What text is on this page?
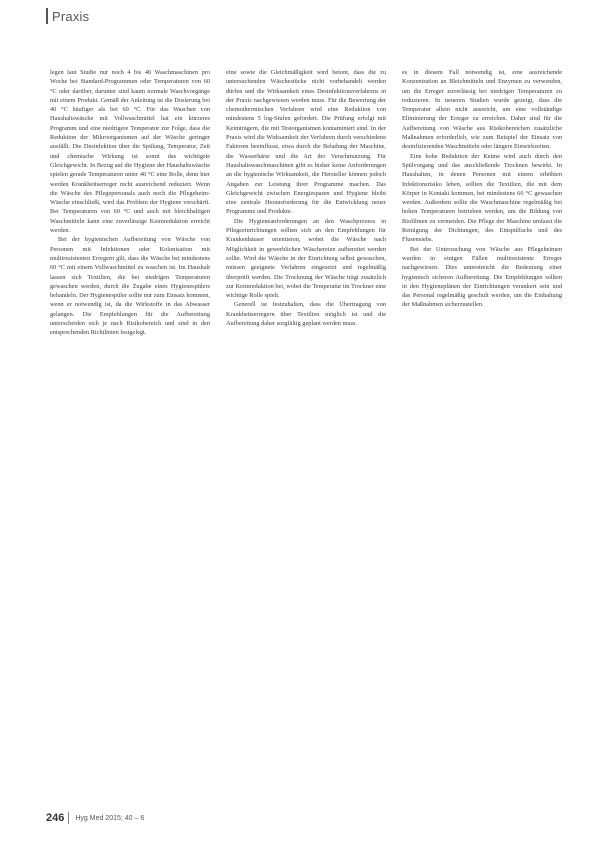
Praxis

legen laut Studie nur noch 4 bis 40 Waschmaschinen pro Woche bei Standard-Programmen oder Temperaturen von 60 °C oder darüber, darunter sind kaum normale Waschvorgänge mit einem Produkt. Gemäß der Anleitung ist die Dosierung bei 40 °C häufiger als bei 60 °C. Für das Waschen von Haushaltswäsche mit Vollwaschmittel hat ein kürzeres Programm und eine niedrigere Temperatur zur Folge, dass die Reduktion der Mikroorganismen auf der Wäsche geringer ausfällt. Die Desinfektion über die Spülung, Temperatur, Zeit und chemische Wirkung ist somit das wichtigste Gleichgewicht. In Bezug auf die Hygiene der Haushaltswäsche spielen gerade Temperaturen unter 40 °C eine Rolle, denn hier werden Krankheitserreger nicht ausreichend reduziert. Wenn die Wäsche des Pflegepersonals auch noch die Pflegeheim-Wäsche einschließt, wird das Problem der Hygiene verschärft. Bei Temperaturen von 60 °C und auch mit bleichhaltigen Waschmitteln kann eine zuverlässige Keimreduktion erreicht werden.

Bei der hygienischen Aufbereitung von Wäsche von Personen mit Infektionen oder Kolonisation mit multiresistenten Erregern gilt, dass die Wäsche bei mindestens 60 °C mit einem Vollwaschmittel zu waschen ist. Im Haushalt lassen sich Textilien, die bei niedrigen Temperaturen gewaschen werden, durch die Zugabe eines Hygienespülers behandeln. Der Hygienespüler sollte nur zum Einsatz kommen, wenn er notwendig ist, da die Wirkstoffe in das Abwasser gelangen. Die Empfehlungen für die Aufbereitung unterscheiden sich je nach Risikobereich und sind in den entsprechenden Richtlinien festgelegt.

eine sowie die Gleichmäßigkeit wird betont, dass die zu untersuchenden Wäschestücke nicht vorbehandelt werden dürfen und die Wirksamkeit eines Desinfektionsverfahrens in der Praxis nachgewiesen werden muss. Für die Bewertung der chemothermischen Verfahren wird eine Reduktion von mindestens 5 log-Stufen gefordert. Die Prüfung erfolgt mit Keimträgern, die mit Testorganismen kontaminiert sind. In der Praxis wird die Wirksamkeit der Verfahren durch verschiedene Faktoren beeinflusst, etwa durch die Beladung der Maschine, die Wasserhärte und die Art der Verschmutzung. Für Haushaltswaschmaschinen gibt es bisher keine Anforderungen an die hygienische Wirksamkeit, die Hersteller können jedoch Angaben zur Leistung ihrer Programme machen. Das Gleichgewicht zwischen Energiesparen und Hygiene bleibt eine zentrale Herausforderung für die Entwicklung neuer Programme und Produkte.

Die Hygieneanforderungen an den Waschprozess in Pflegeeinrichtungen sollten sich an den Empfehlungen für Krankenhäuser orientieren, wobei die Wäsche nach Möglichkeit in gewerblichen Wäschereien aufbereitet werden sollte. Wird die Wäsche in der Einrichtung selbst gewaschen, müssen geeignete Verfahren eingesetzt und regelmäßig überprüft werden. Die Trocknung der Wäsche trägt zusätzlich zur Keimreduktion bei, wobei die Temperatur im Trockner eine wichtige Rolle spielt.

Generell ist festzuhalten, dass die Übertragung von Krankheitserregern über Textilien möglich ist und die Aufbereitung daher sorgfältig geplant werden muss.

es in diesem Fall notwendig ist, eine ausreichende Konzentration an Bleichmitteln und Enzymen zu verwenden, um die Erreger zuverlässig bei niedrigen Temperaturen zu reduzieren. In neueren Studien wurde gezeigt, dass die Temperatur allein nicht ausreicht, um eine vollständige Eliminierung der Erreger zu erreichen. Daher sind für die Aufbereitung von Wäsche aus Risikobereichen zusätzliche Maßnahmen erforderlich, wie zum Beispiel der Einsatz von desinfizierenden Waschmitteln oder längere Einwirkzeiten.

Eine hohe Reduktion der Keime wird auch durch den Spülvorgang und das anschließende Trocknen bewirkt. In Haushalten, in denen Personen mit einem erhöhten Infektionsrisiko leben, sollten die Textilien, die mit dem Körper in Kontakt kommen, bei mindestens 60 °C gewaschen werden. Außerdem sollte die Waschmaschine regelmäßig bei hohen Temperaturen betrieben werden, um die Bildung von Biofilmen zu vermeiden. Die Pflege der Maschine umfasst die Reinigung der Dichtungen, des Einspülfachs und des Flusensiebs.

Bei der Untersuchung von Wäsche aus Pflegeheimen wurden in einigen Fällen multiresistente Erreger nachgewiesen. Dies unterstreicht die Bedeutung einer hygienisch sicheren Aufbereitung. Die Empfehlungen sollten in den Hygieneplänen der Einrichtungen verankert sein und das Personal regelmäßig geschult werden, um die Einhaltung der Maßnahmen sicherzustellen.

246	Hyg Med 2015; 40 – 6
